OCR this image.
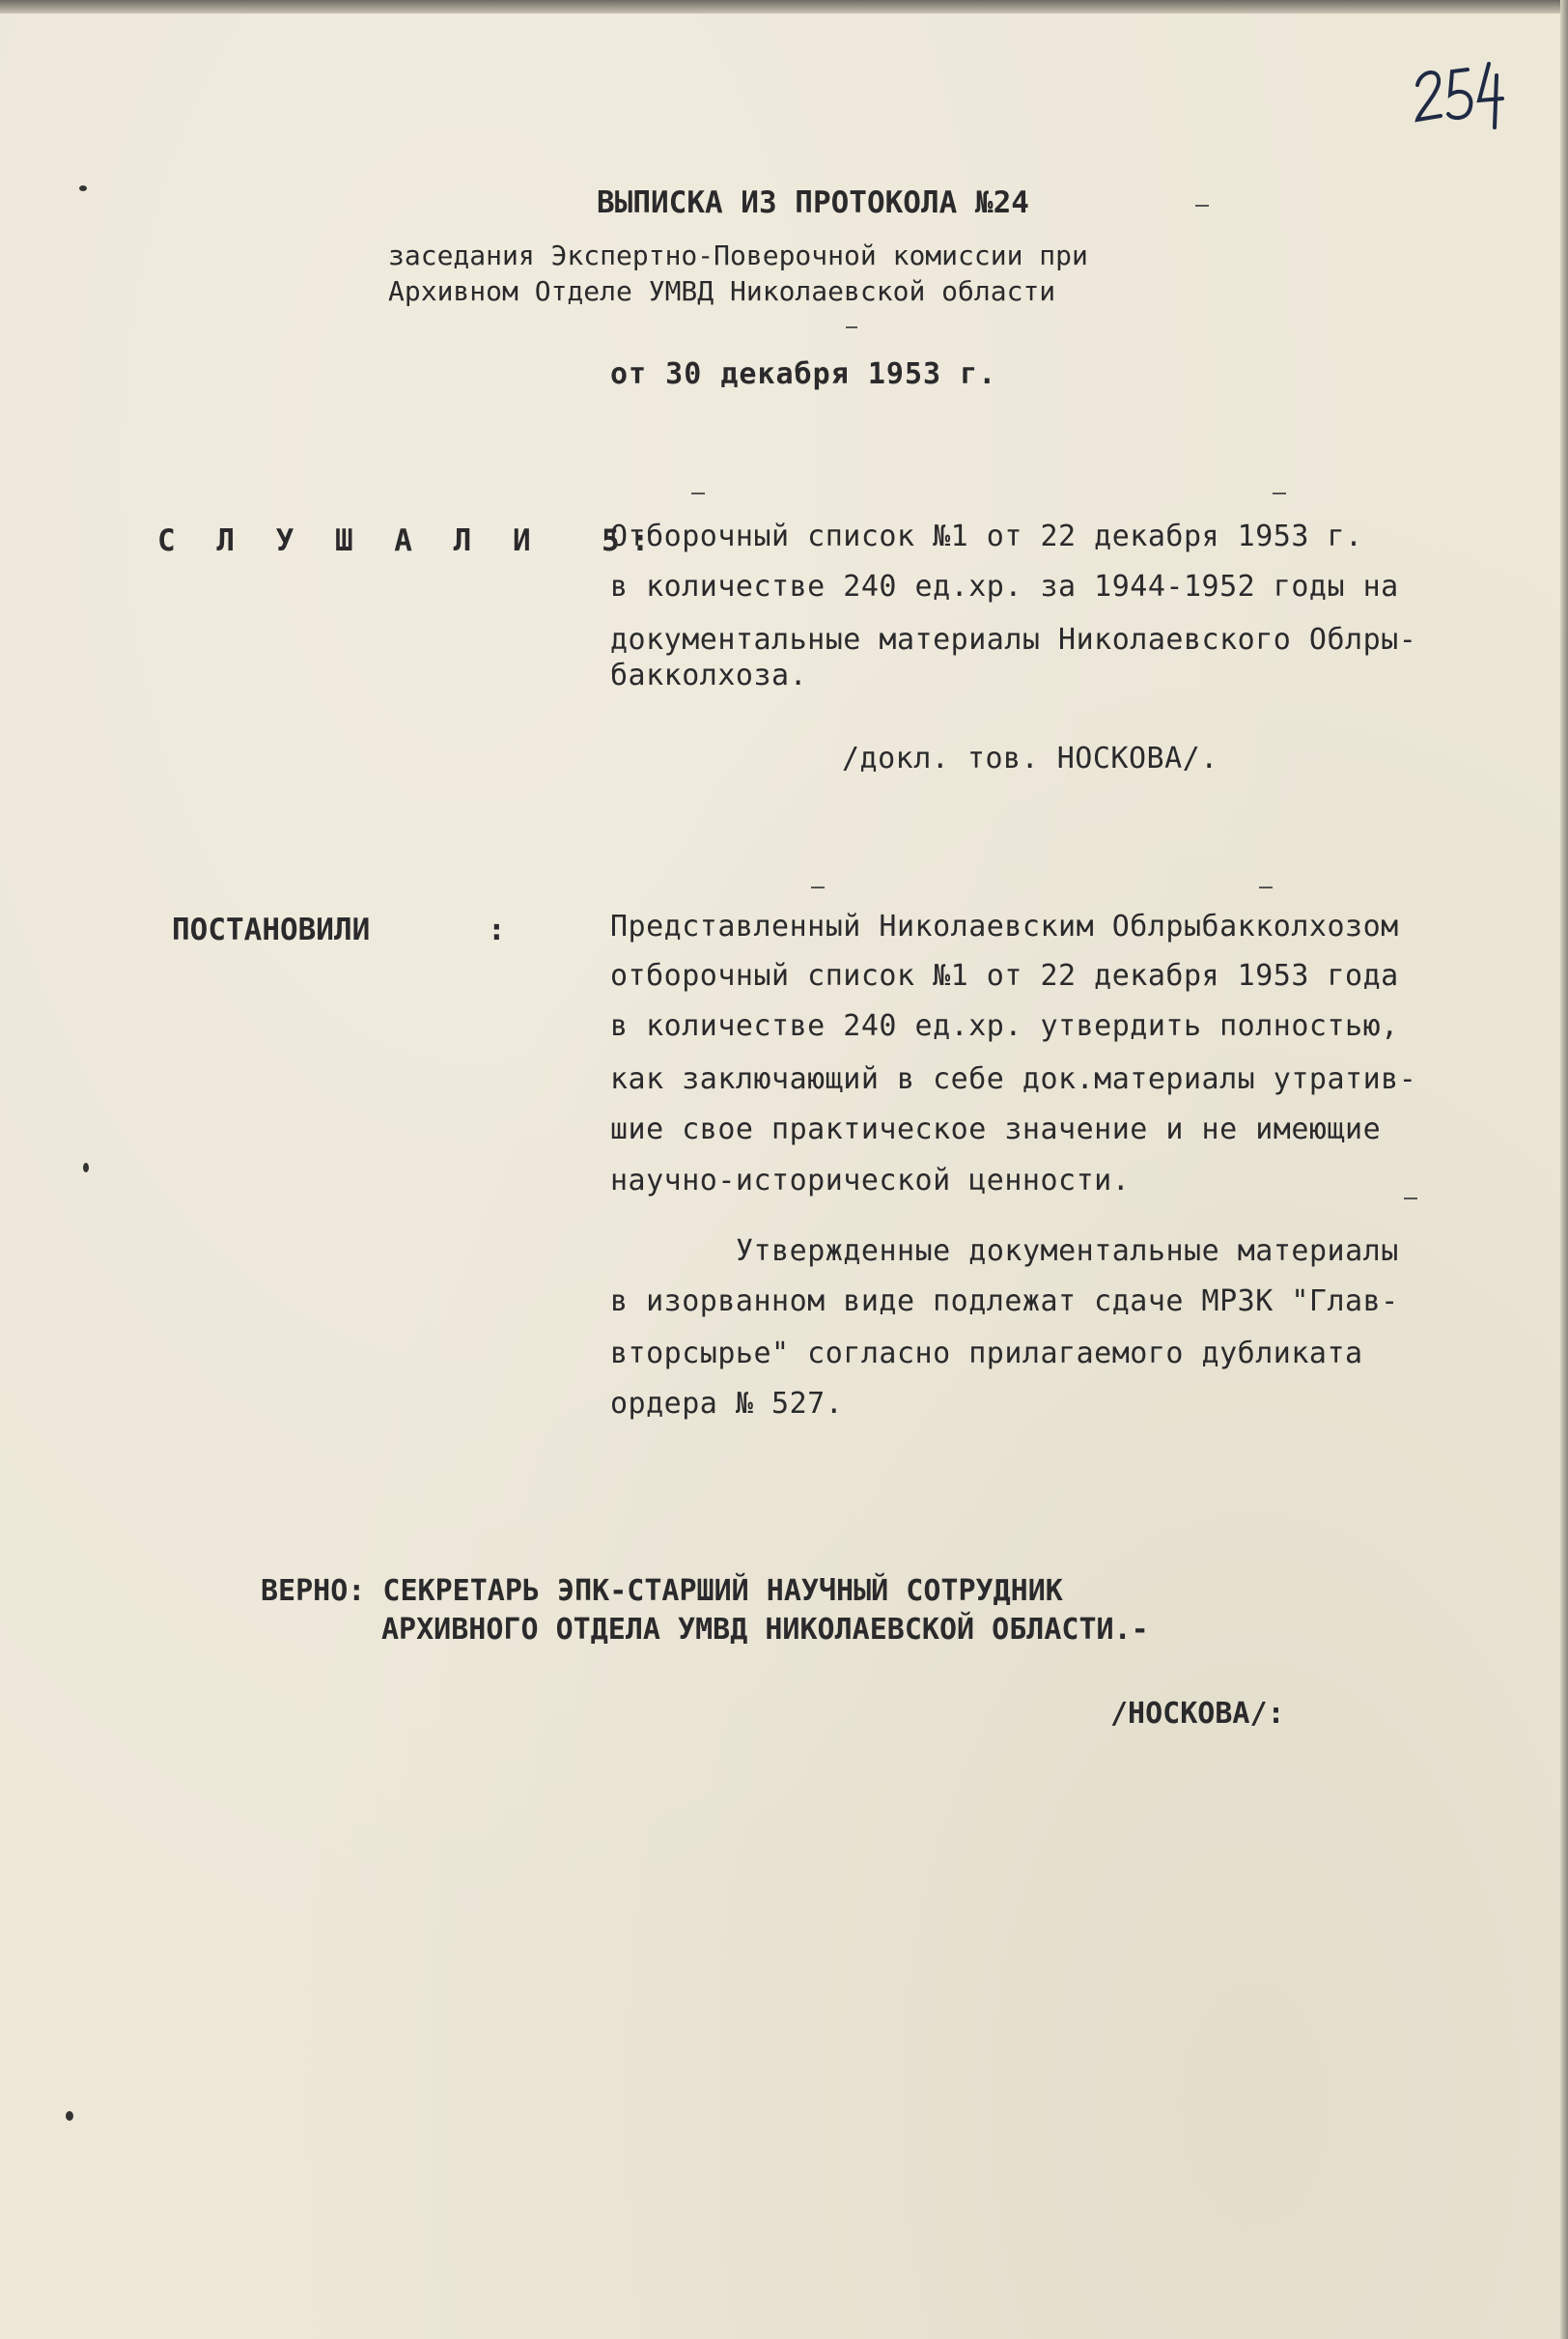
ВЫПИСКА ИЗ ПРОТОКОЛА №24
заседания Экспертно-Поверочной комиссии при
Архивном Отделе УМВД Николаевской области
от 30 декабря 1953 г.
С Л У Ш А Л И  5:
Отборочный список №1 от 22 декабря 1953 г.
в количестве 240 ед.хр. за 1944-1952 годы на
документальные материалы Николаевского Облры-
бакколхоза.
/докл. тов. НОСКОВА/.
ПОСТАНОВИЛИ	:	Представленный Николаевским Облрыбакколхозом
отборочный список №1 от 22 декабря 1953 года
в количестве 240 ед.хр. утвердить полностью,
как заключающий в себе док.материалы утратив-
шие свое практическое значение и не имеющие
научно-исторической ценности.
Утвержденные документальные материалы
в изорванном виде подлежат сдаче МРЗК "Глав-
вторсырье" согласно прилагаемого дубликата
ордера № 527.
ВЕРНО: СЕКРЕТАРЬ ЭПК-СТАРШИЙ НАУЧНЫЙ СОТРУДНИК
АРХИВНОГО ОТДЕЛА УМВД НИКОЛАЕВСКОЙ ОБЛАСТИ.-
/НОСКОВА/:
